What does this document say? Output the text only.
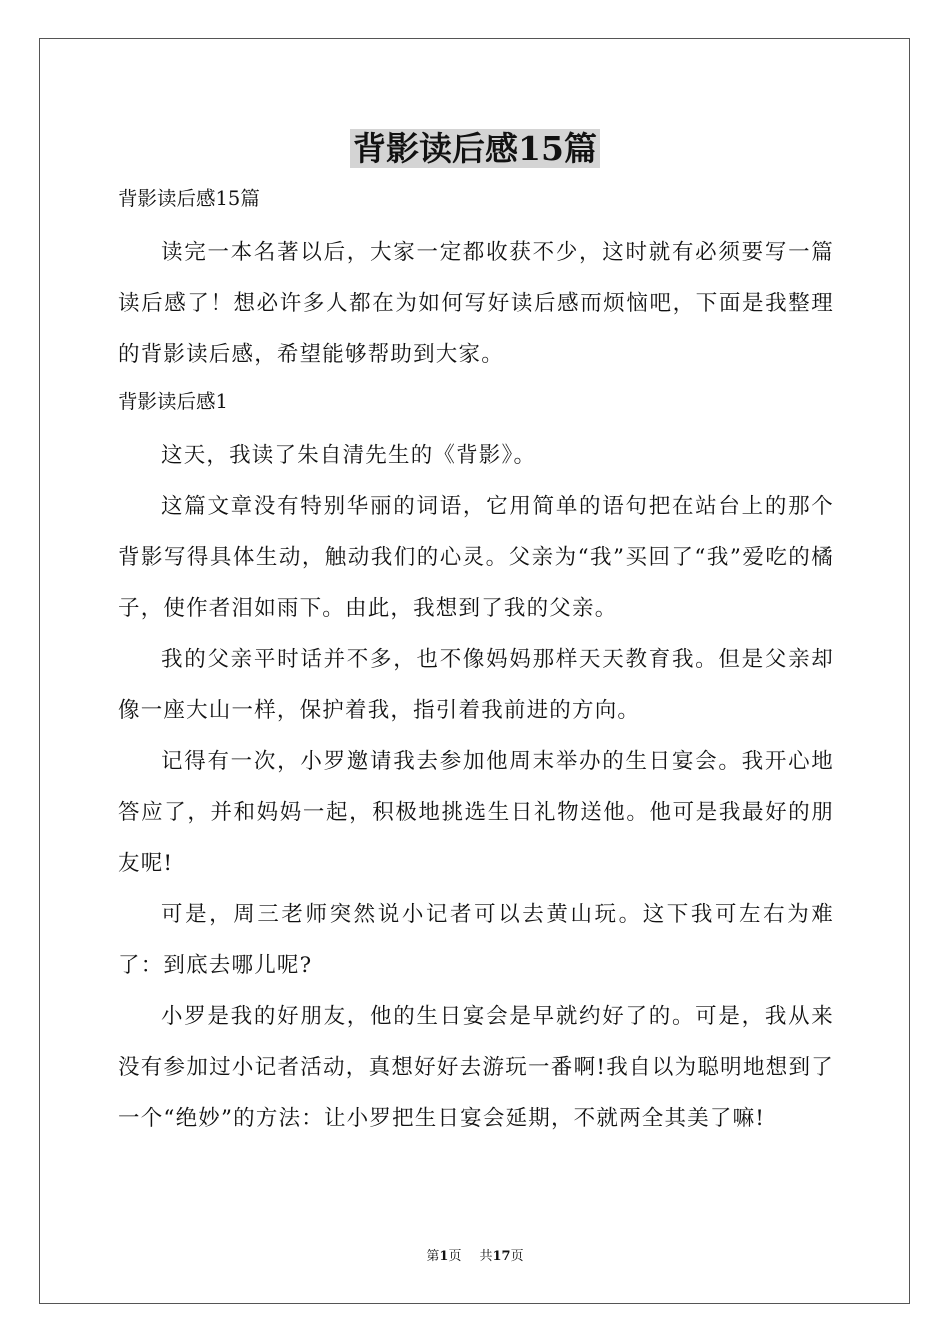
背影读后感15篇

背影读后感15篇

读完一本名著以后，大家一定都收获不少，这时就有必须要写一篇读后感了！想必许多人都在为如何写好读后感而烦恼吧，下面是我整理的背影读后感，希望能够帮助到大家。

背影读后感1

这天，我读了朱自清先生的《背影》。

这篇文章没有特别华丽的词语，它用简单的语句把在站台上的那个背影写得具体生动，触动我们的心灵。父亲为“我”买回了“我”爱吃的橘子，使作者泪如雨下。由此，我想到了我的父亲。

我的父亲平时话并不多，也不像妈妈那样天天教育我。但是父亲却像一座大山一样，保护着我，指引着我前进的方向。

记得有一次，小罗邀请我去参加他周末举办的生日宴会。我开心地答应了，并和妈妈一起，积极地挑选生日礼物送他。他可是我最好的朋友呢!

可是，周三老师突然说小记者可以去黄山玩。这下我可左右为难了：到底去哪儿呢?

小罗是我的好朋友，他的生日宴会是早就约好了的。可是，我从来没有参加过小记者活动，真想好好去游玩一番啊!我自以为聪明地想到了一个“绝妙”的方法：让小罗把生日宴会延期，不就两全其美了嘛!

第1页 共17页
